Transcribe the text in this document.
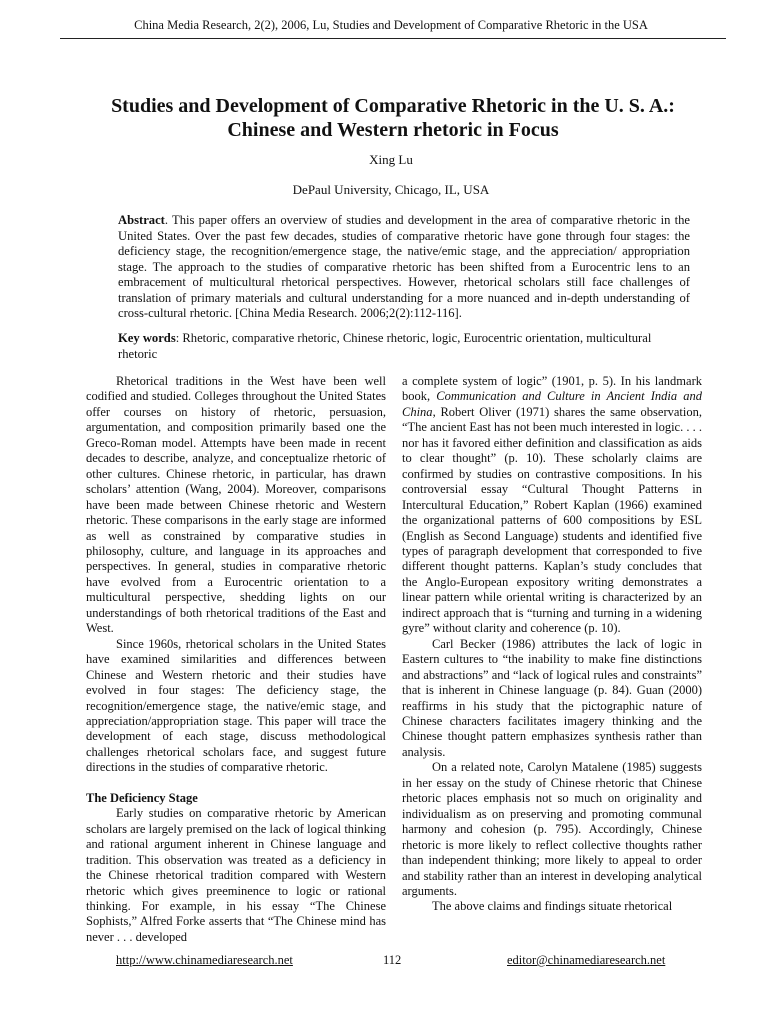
China Media Research, 2(2), 2006, Lu, Studies and Development of Comparative Rhetoric in the USA
Studies and Development of Comparative Rhetoric in the U. S. A.:
Chinese and Western rhetoric in Focus
Xing Lu
DePaul University, Chicago, IL, USA

Abstract. This paper offers an overview of studies and development in the area of comparative rhetoric in the United States. Over the past few decades, studies of comparative rhetoric have gone through four stages: the deficiency stage, the recognition/emergence stage, the native/emic stage, and the appreciation/ appropriation stage. The approach to the studies of comparative rhetoric has been shifted from a Eurocentric lens to an embracement of multicultural rhetorical perspectives. However, rhetorical scholars still face challenges of translation of primary materials and cultural understanding for a more nuanced and in-depth understanding of cross-cultural rhetoric. [China Media Research. 2006;2(2):112-116].

Key words: Rhetoric, comparative rhetoric, Chinese rhetoric, logic, Eurocentric orientation, multicultural rhetoric

Rhetorical traditions in the West have been well codified and studied. Colleges throughout the United States offer courses on history of rhetoric, persuasion, argumentation, and composition primarily based one the Greco-Roman model. Attempts have been made in recent decades to describe, analyze, and conceptualize rhetoric of other cultures. Chinese rhetoric, in particular, has drawn scholars’ attention (Wang, 2004). Moreover, comparisons have been made between Chinese rhetoric and Western rhetoric. These comparisons in the early stage are informed as well as constrained by comparative studies in philosophy, culture, and language in its approaches and perspectives. In general, studies in comparative rhetoric have evolved from a Eurocentric orientation to a multicultural perspective, shedding lights on our understandings of both rhetorical traditions of the East and West.

Since 1960s, rhetorical scholars in the United States have examined similarities and differences between Chinese and Western rhetoric and their studies have evolved in four stages: The deficiency stage, the recognition/emergence stage, the native/emic stage, and appreciation/appropriation stage. This paper will trace the development of each stage, discuss methodological challenges rhetorical scholars face, and suggest future directions in the studies of comparative rhetoric.

The Deficiency Stage

Early studies on comparative rhetoric by American scholars are largely premised on the lack of logical thinking and rational argument inherent in Chinese language and tradition. This observation was treated as a deficiency in the Chinese rhetorical tradition compared with Western rhetoric which gives preeminence to logic or rational thinking. For example, in his essay “The Chinese Sophists,” Alfred Forke asserts that “The Chinese mind has never . . . developed

a complete system of logic” (1901, p. 5). In his landmark book, Communication and Culture in Ancient India and China, Robert Oliver (1971) shares the same observation, “The ancient East has not been much interested in logic. . . . nor has it favored either definition and classification as aids to clear thought” (p. 10). These scholarly claims are confirmed by studies on contrastive compositions. In his controversial essay “Cultural Thought Patterns in Intercultural Education,” Robert Kaplan (1966) examined the organizational patterns of 600 compositions by ESL (English as Second Language) students and identified five types of paragraph development that corresponded to five different thought patterns. Kaplan’s study concludes that the Anglo-European expository writing demonstrates a linear pattern while oriental writing is characterized by an indirect approach that is “turning and turning in a widening gyre” without clarity and coherence (p. 10).

Carl Becker (1986) attributes the lack of logic in Eastern cultures to “the inability to make fine distinctions and abstractions” and “lack of logical rules and constraints” that is inherent in Chinese language (p. 84). Guan (2000) reaffirms in his study that the pictographic nature of Chinese characters facilitates imagery thinking and the Chinese thought pattern emphasizes synthesis rather than analysis.

On a related note, Carolyn Matalene (1985) suggests in her essay on the study of Chinese rhetoric that Chinese rhetoric places emphasis not so much on originality and individualism as on preserving and promoting communal harmony and cohesion (p. 795). Accordingly, Chinese rhetoric is more likely to reflect collective thoughts rather than independent thinking; more likely to appeal to order and stability rather than an interest in developing analytical arguments.

The above claims and findings situate rhetorical

http://www.chinamediaresearch.net	112	editor@chinamediaresearch.net
